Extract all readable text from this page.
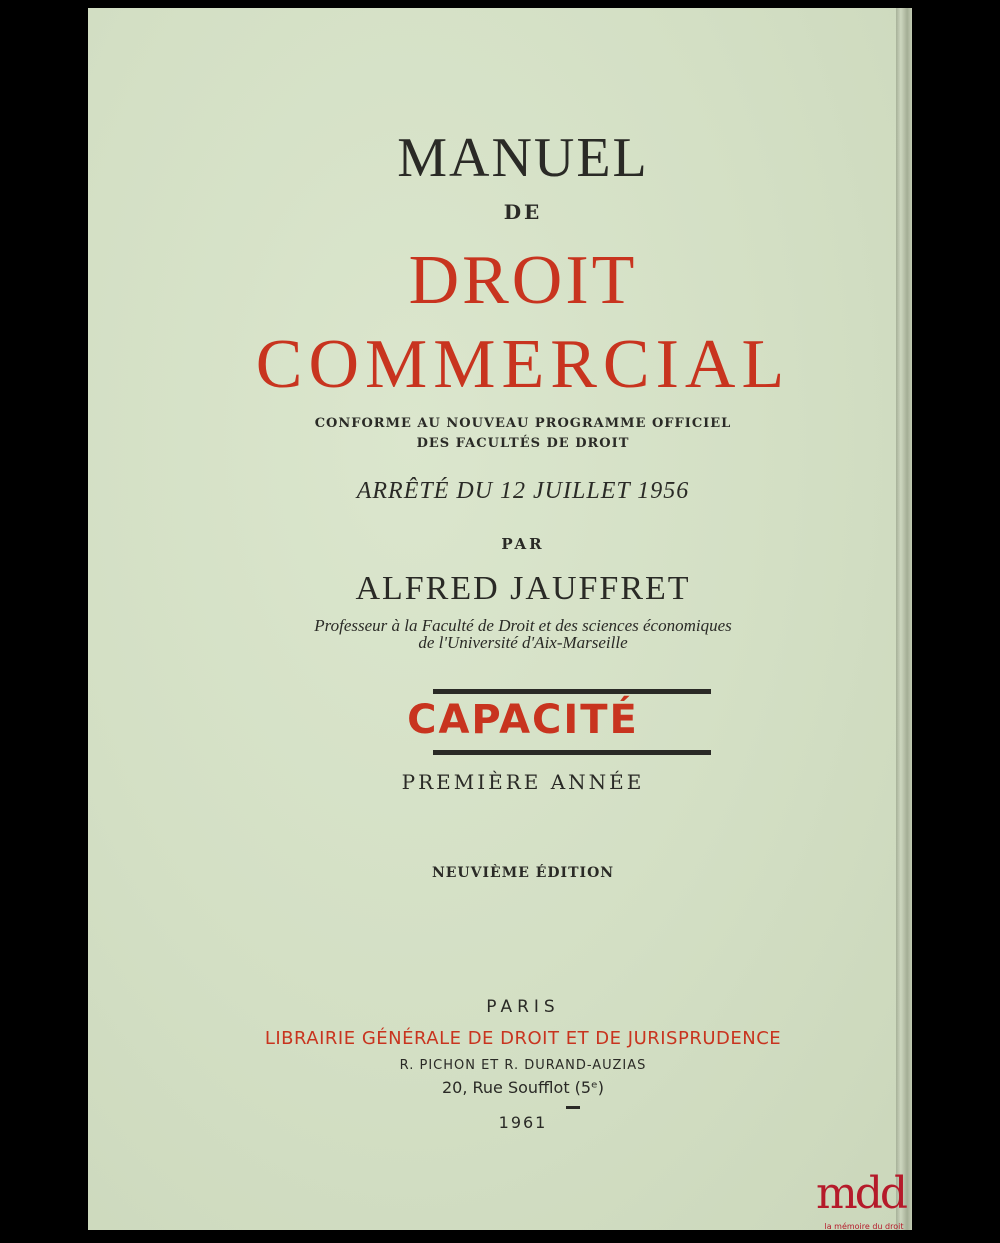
MANUEL
DE
DROIT
COMMERCIAL
CONFORME AU NOUVEAU PROGRAMME OFFICIEL
DES FACULTÉS DE DROIT
ARRÊTÉ DU 12 JUILLET 1956
PAR
ALFRED JAUFFRET
Professeur à la Faculté de Droit et des sciences économiques
de l'Université d'Aix-Marseille
CAPACITÉ
PREMIÈRE ANNÉE
NEUVIÈME ÉDITION
PARIS
LIBRAIRIE GÉNÉRALE DE DROIT ET DE JURISPRUDENCE
R. PICHON ET R. DURAND-AUZIAS
20, Rue Soufflot (5ᵉ)
1961
mdd
la mémoire du droit
